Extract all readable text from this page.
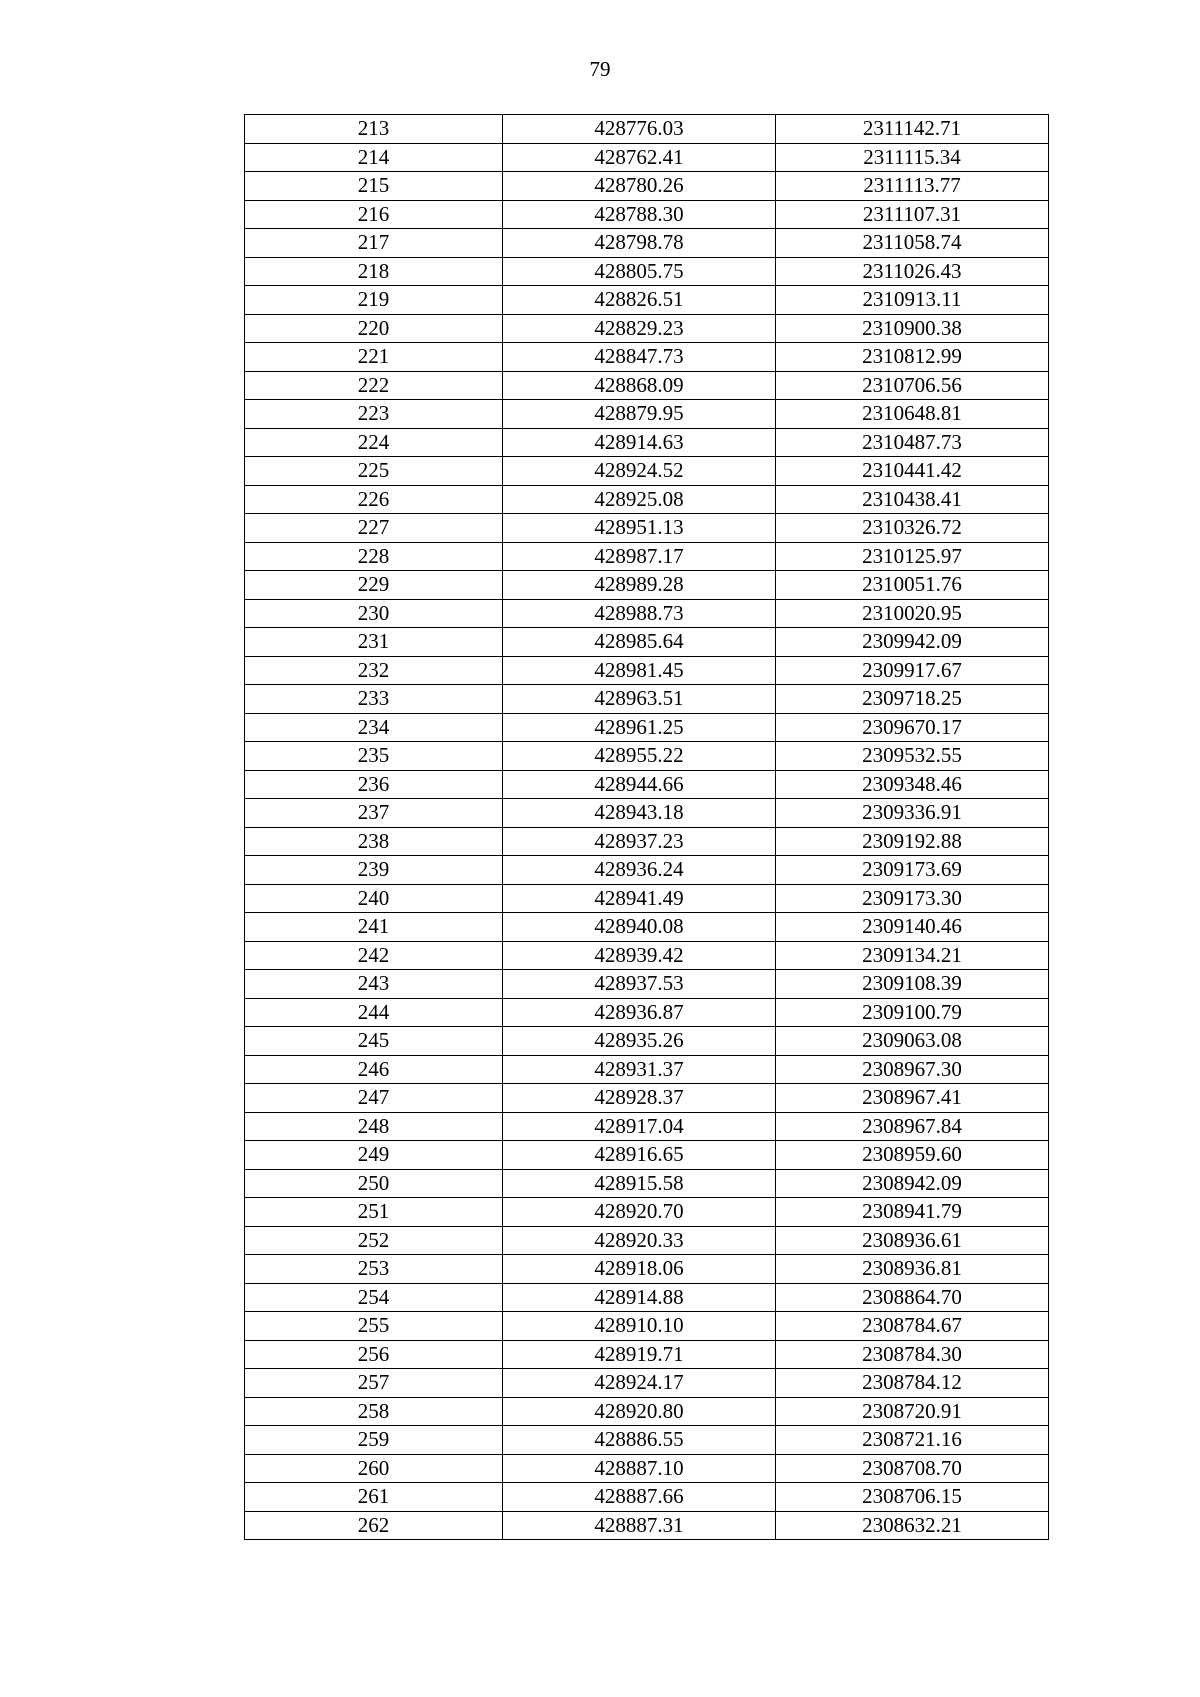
79
213	428776.03	2311142.71
214	428762.41	2311115.34
215	428780.26	2311113.77
216	428788.30	2311107.31
217	428798.78	2311058.74
218	428805.75	2311026.43
219	428826.51	2310913.11
220	428829.23	2310900.38
221	428847.73	2310812.99
222	428868.09	2310706.56
223	428879.95	2310648.81
224	428914.63	2310487.73
225	428924.52	2310441.42
226	428925.08	2310438.41
227	428951.13	2310326.72
228	428987.17	2310125.97
229	428989.28	2310051.76
230	428988.73	2310020.95
231	428985.64	2309942.09
232	428981.45	2309917.67
233	428963.51	2309718.25
234	428961.25	2309670.17
235	428955.22	2309532.55
236	428944.66	2309348.46
237	428943.18	2309336.91
238	428937.23	2309192.88
239	428936.24	2309173.69
240	428941.49	2309173.30
241	428940.08	2309140.46
242	428939.42	2309134.21
243	428937.53	2309108.39
244	428936.87	2309100.79
245	428935.26	2309063.08
246	428931.37	2308967.30
247	428928.37	2308967.41
248	428917.04	2308967.84
249	428916.65	2308959.60
250	428915.58	2308942.09
251	428920.70	2308941.79
252	428920.33	2308936.61
253	428918.06	2308936.81
254	428914.88	2308864.70
255	428910.10	2308784.67
256	428919.71	2308784.30
257	428924.17	2308784.12
258	428920.80	2308720.91
259	428886.55	2308721.16
260	428887.10	2308708.70
261	428887.66	2308706.15
262	428887.31	2308632.21
